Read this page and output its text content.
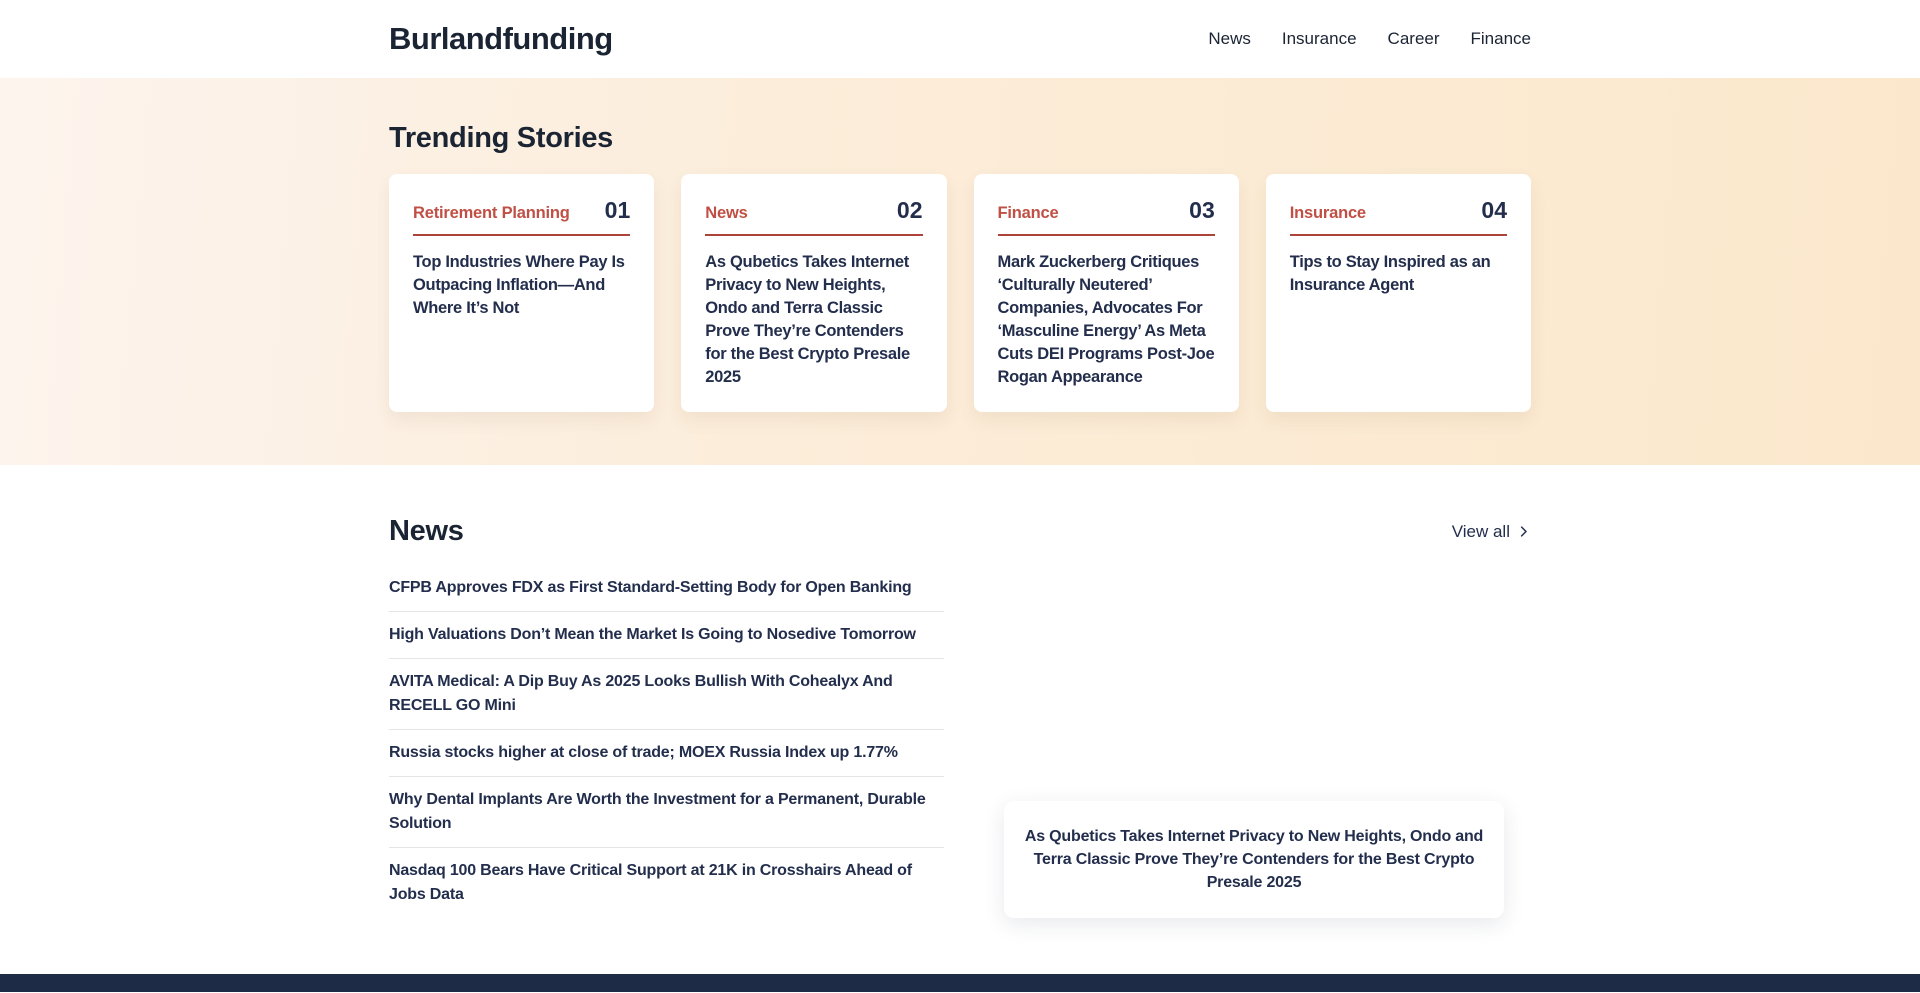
Burlandfunding	News Insurance Career Finance
Trending Stories
Retirement Planning 01
Top Industries Where Pay Is Outpacing Inflation—And Where It’s Not
News	02
As Qubetics Takes Internet Privacy to New Heights, Ondo and Terra Classic Prove They’re Contenders for the Best Crypto Presale 2025
Finance	03
Mark Zuckerberg Critiques ‘Culturally Neutered’ Companies, Advocates For ‘Masculine Energy’ As Meta Cuts DEI Programs Post-Joe Rogan Appearance
Insurance	04
Tips to Stay Inspired as an Insurance Agent
News	View all
CFPB Approves FDX as First Standard-Setting Body for Open Banking
High Valuations Don’t Mean the Market Is Going to Nosedive Tomorrow
AVITA Medical: A Dip Buy As 2025 Looks Bullish With Cohealyx And RECELL GO Mini
Russia stocks higher at close of trade; MOEX Russia Index up 1.77%
Why Dental Implants Are Worth the Investment for a Permanent, Durable Solution
Nasdaq 100 Bears Have Critical Support at 21K in Crosshairs Ahead of Jobs Data
As Qubetics Takes Internet Privacy to New Heights, Ondo and Terra Classic Prove They’re Contenders for the Best Crypto Presale 2025
